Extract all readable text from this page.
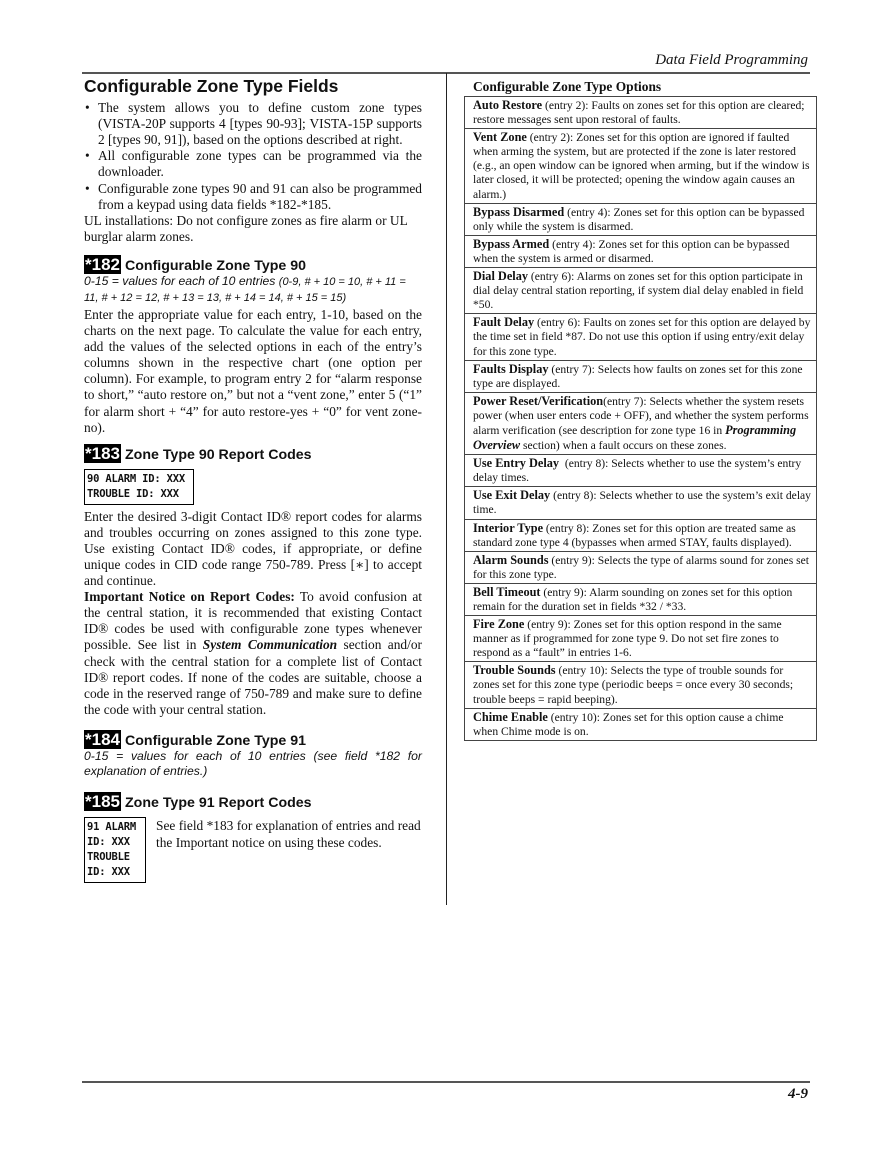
Data Field Programming
Configurable Zone Type Fields
• The system allows you to define custom zone types (VISTA-20P supports 4 [types 90-93]; VISTA-15P supports 2 [types 90, 91]), based on the options described at right.
• All configurable zone types can be programmed via the downloader.
• Configurable zone types 90 and 91 can also be programmed from a keypad using data fields *182-*185.

UL installations: Do not configure zones as fire alarm or UL burglar alarm zones.

*182 Configurable Zone Type 90
0-15 = values for each of 10 entries (0-9, # + 10 = 10, # + 11 = 11, # + 12 = 12, # + 13 = 13, # + 14 = 14, # + 15 = 15)

Enter the appropriate value for each entry, 1-10, based on the charts on the next page. To calculate the value for each entry, add the values of the selected options in each of the entry’s columns shown in the respective chart (one option per column). For example, to program entry 2 for “alarm response to short,” “auto restore on,” but not a “vent zone,” enter 5 (“1” for alarm short + “4” for auto restore-yes + “0” for vent zone-no).

*183 Zone Type 90 Report Codes
90 ALARM ID: XXX
TROUBLE ID: XXX

Enter the desired 3-digit Contact ID® report codes for alarms and troubles occurring on zones assigned to this zone type. Use existing Contact ID® codes, if appropriate, or define unique codes in CID code range 750-789. Press [∗] to accept and continue.

Important Notice on Report Codes: To avoid confusion at the central station, it is recommended that existing Contact ID® codes be used with configurable zone types whenever possible. See list in System Communication section and/or check with the central station for a complete list of Contact ID® report codes. If none of the codes are suitable, choose a code in the reserved range of 750-789 and make sure to define the code with your central station.

*184 Configurable Zone Type 91
0-15 = values for each of 10 entries (see field *182 for explanation of entries.)
*185 Zone Type 91 Report Codes
91 ALARM ID: XXX
TROUBLE ID: XXX
See field *183 for explanation of entries and read the Important notice on using these codes.
Configurable Zone Type Options
Auto Restore (entry 2): Faults on zones set for this option are cleared; restore messages sent upon restoral of faults.
Vent Zone (entry 2): Zones set for this option are ignored if faulted when arming the system, but are protected if the zone is later restored (e.g., an open window can be ignored when arming, but if the window is later closed, it will be protected; opening the window again causes an alarm.)
Bypass Disarmed (entry 4): Zones set for this option can be bypassed only while the system is disarmed.
Bypass Armed (entry 4): Zones set for this option can be bypassed when the system is armed or disarmed.
Dial Delay (entry 6): Alarms on zones set for this option participate in dial delay central station reporting, if system dial delay enabled in field *50.
Fault Delay (entry 6): Faults on zones set for this option are delayed by the time set in field *87. Do not use this option if using entry/exit delay for this zone type.
Faults Display (entry 7): Selects how faults on zones set for this zone type are displayed.
Power Reset/Verification(entry 7): Selects whether the system resets power (when user enters code + OFF), and whether the system performs alarm verification (see description for zone type 16 in Programming Overview section) when a fault occurs on these zones.
Use Entry Delay  (entry 8): Selects whether to use the system’s entry delay times.
Use Exit Delay (entry 8): Selects whether to use the system’s exit delay time.
Interior Type (entry 8): Zones set for this option are treated same as standard zone type 4 (bypasses when armed STAY, faults displayed).
Alarm Sounds (entry 9): Selects the type of alarms sound for zones set for this zone type.
Bell Timeout (entry 9): Alarm sounding on zones set for this option remain for the duration set in fields *32 / *33.
Fire Zone (entry 9): Zones set for this option respond in the same manner as if programmed for zone type 9. Do not set fire zones to respond as a “fault” in entries 1-6.
Trouble Sounds (entry 10): Selects the type of trouble sounds for zones set for this zone type (periodic beeps = once every 30 seconds; trouble beeps = rapid beeping).
Chime Enable (entry 10): Zones set for this option cause a chime when Chime mode is on.
4-9
